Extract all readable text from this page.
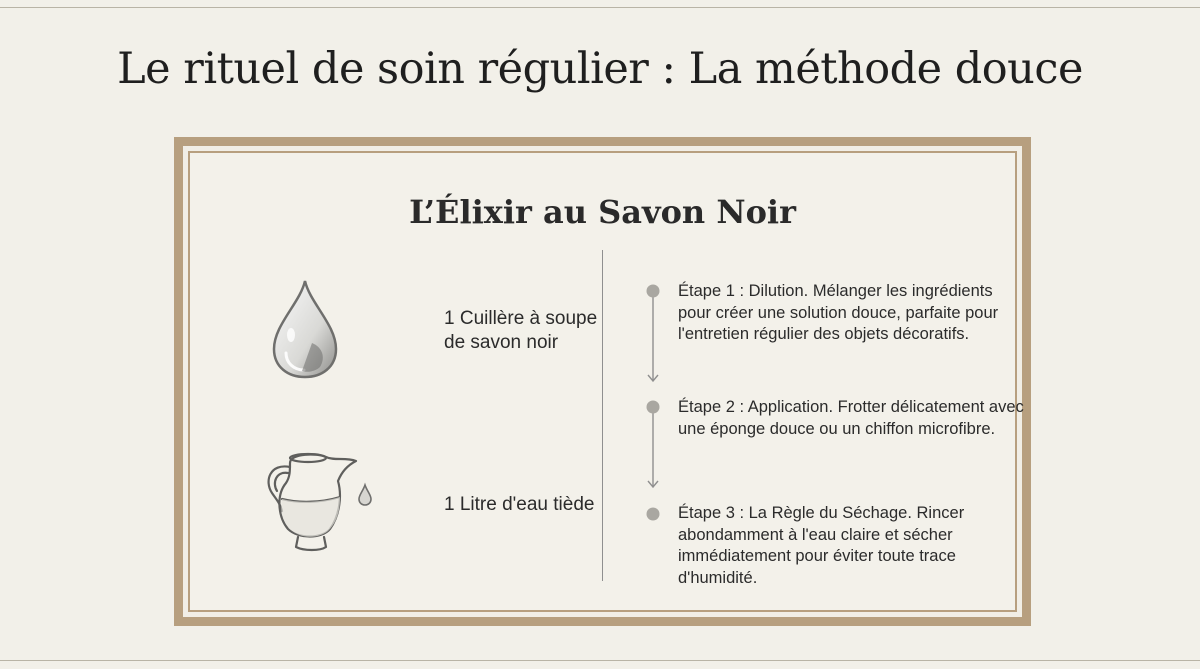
Le rituel de soin régulier : La méthode douce
L’Élixir au Savon Noir
1 Cuillère à soupe
de savon noir
1 Litre d'eau tiède
Étape 1 : Dilution. Mélanger les ingrédients pour créer une solution douce, parfaite pour l'entretien régulier des objets décoratifs.
Étape 2 : Application. Frotter délicatement avec une éponge douce ou un chiffon microfibre.
Étape 3 : La Règle du Séchage. Rincer abondamment à l'eau claire et sécher immédiatement pour éviter toute trace d'humidité.
